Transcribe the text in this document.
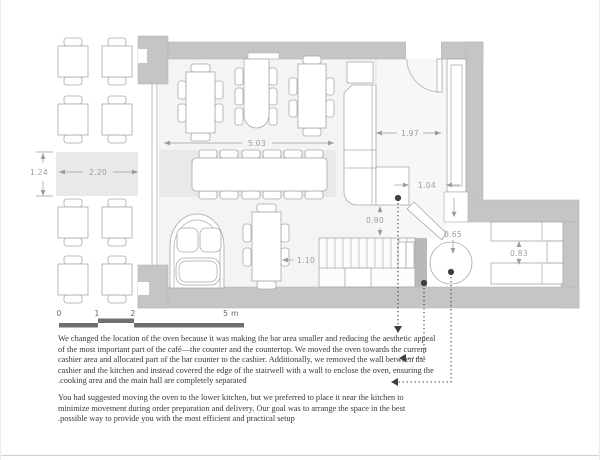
2.20
1.24
5.03
1.97
1.04
0.90
0.65
0.83
1.10
0	1	2	5 m
We changed the location of the oven because it was making the bar area smaller and reducing the aesthetic appeal
of the most important part of the café—the counter and the countertop. We moved the oven towards the current
cashier area and allocated part of the bar counter to the cashier. Additionally, we removed the wall between the
cashier and the kitchen and instead covered the edge of the stairwell with a wall to enclose the oven, ensuring the
.cooking area and the main hall are completely separated
You had suggested moving the oven to the lower kitchen, but we preferred to place it near the kitchen to
minimize movement during order preparation and delivery. Our goal was to arrange the space in the best
.possible way to provide you with the most efficient and practical setup
